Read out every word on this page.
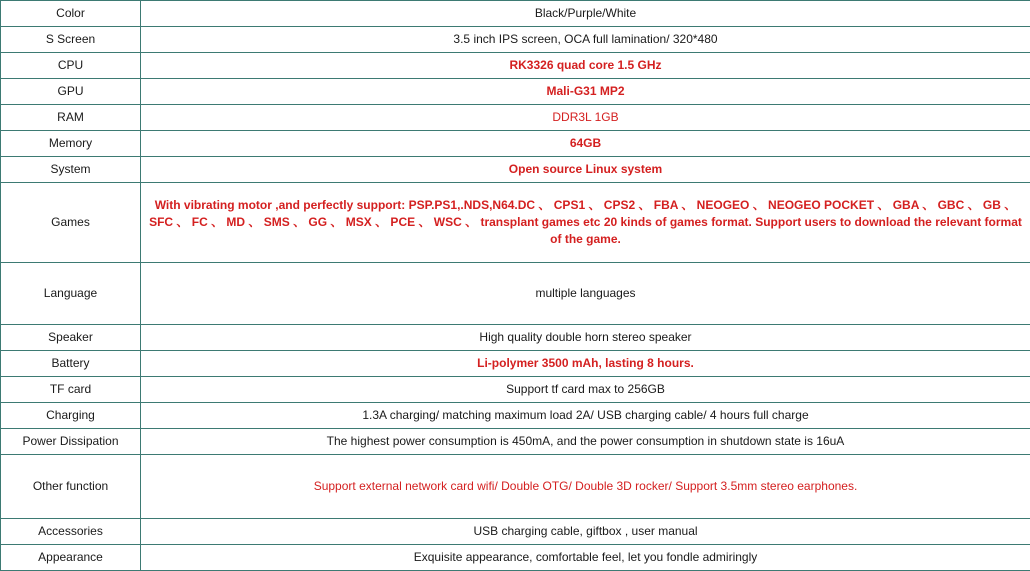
Color	Black/Purple/White
S Screen	3.5 inch IPS screen, OCA full lamination/ 320*480
CPU	RK3326 quad core 1.5 GHz
GPU	Mali-G31 MP2
RAM	DDR3L 1GB
Memory	64GB
System	Open source Linux system
Games	With vibrating motor ,and perfectly support: PSP.PS1,.NDS,N64.DC 、 CPS1 、 CPS2 、 FBA 、 NEOGEO 、 NEOGEO POCKET 、 GBA 、 GBC 、 GB 、 SFC 、 FC 、 MD 、 SMS 、 GG 、 MSX 、 PCE 、 WSC 、 transplant games etc 20 kinds of games format. Support users to download the relevant format of the game.
Language	multiple languages
Speaker	High quality double horn stereo speaker
Battery	Li-polymer 3500 mAh, lasting 8 hours.
TF card	Support tf card max to 256GB
Charging	1.3A charging/ matching maximum load 2A/ USB charging cable/ 4 hours full charge
Power Dissipation	The highest power consumption is 450mA, and the power consumption in shutdown state is 16uA
Other function	Support external network card wifi/ Double OTG/ Double 3D rocker/ Support 3.5mm stereo earphones.
Accessories	USB charging cable, giftbox , user manual
Appearance	Exquisite appearance, comfortable feel, let you fondle admiringly
